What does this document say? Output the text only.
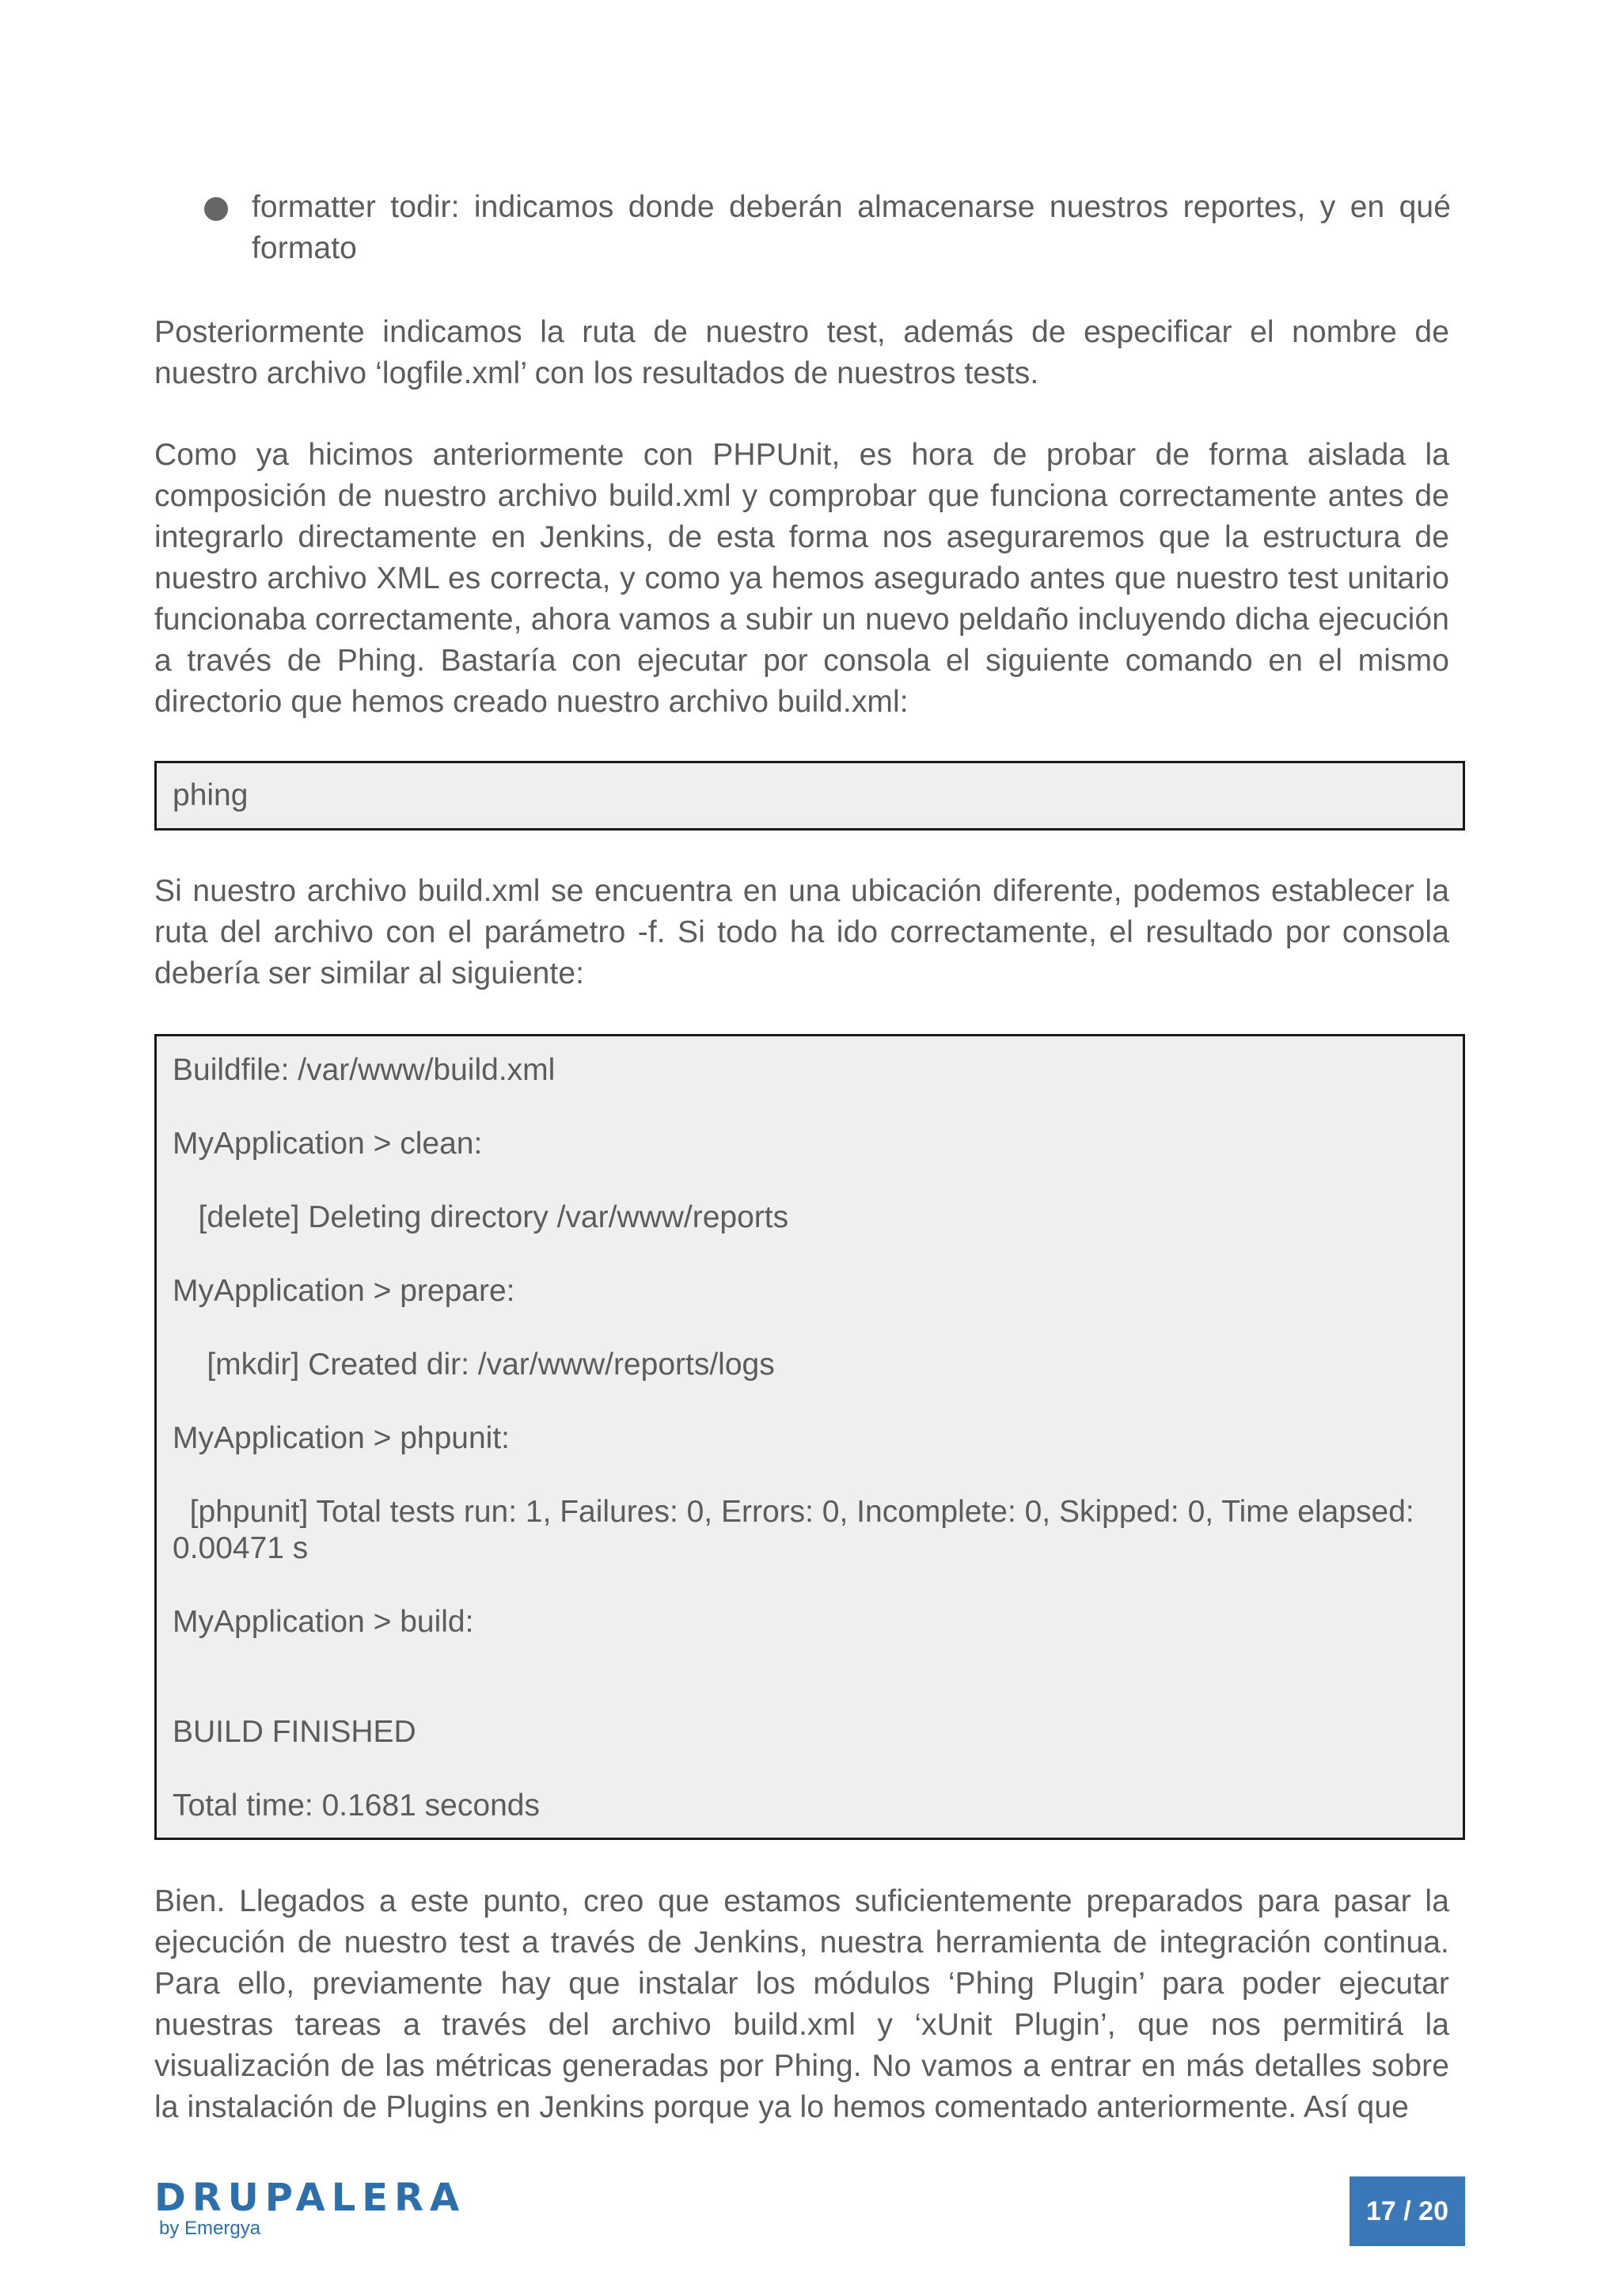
formatter todir: indicamos donde deberán almacenarse nuestros reportes, y en qué formato
Posteriormente indicamos la ruta de nuestro test, además de especificar el nombre de nuestro archivo ‘logfile.xml’ con los resultados de nuestros tests.
Como ya hicimos anteriormente con PHPUnit, es hora de probar de forma aislada la composición de nuestro archivo build.xml y comprobar que funciona correctamente antes de integrarlo directamente en Jenkins, de esta forma nos aseguraremos que la estructura de nuestro archivo XML es correcta, y como ya hemos asegurado antes que nuestro test unitario funcionaba correctamente, ahora vamos a subir un nuevo peldaño incluyendo dicha ejecución a través de Phing. Bastaría con ejecutar por consola el siguiente comando en el mismo directorio que hemos creado nuestro archivo build.xml:
phing
Si nuestro archivo build.xml se encuentra en una ubicación diferente, podemos establecer la ruta del archivo con el parámetro -f. Si todo ha ido correctamente, el resultado por consola debería ser similar al siguiente:
Buildfile: /var/www/build.xml
MyApplication > clean:
[delete] Deleting directory /var/www/reports
MyApplication > prepare:
[mkdir] Created dir: /var/www/reports/logs
MyApplication > phpunit:
[phpunit] Total tests run: 1, Failures: 0, Errors: 0, Incomplete: 0, Skipped: 0, Time elapsed: 0.00471 s
MyApplication > build:
BUILD FINISHED
Total time: 0.1681 seconds
Bien. Llegados a este punto, creo que estamos suficientemente preparados para pasar la ejecución de nuestro test a través de Jenkins, nuestra herramienta de integración continua. Para ello, previamente hay que instalar los módulos ‘Phing Plugin’ para poder ejecutar nuestras tareas a través del archivo build.xml y ‘xUnit Plugin’, que nos permitirá la visualización de las métricas generadas por Phing. No vamos a entrar en más detalles sobre la instalación de Plugins en Jenkins porque ya lo hemos comentado anteriormente. Así que
DRUPALERA
by Emergya
17 / 20
